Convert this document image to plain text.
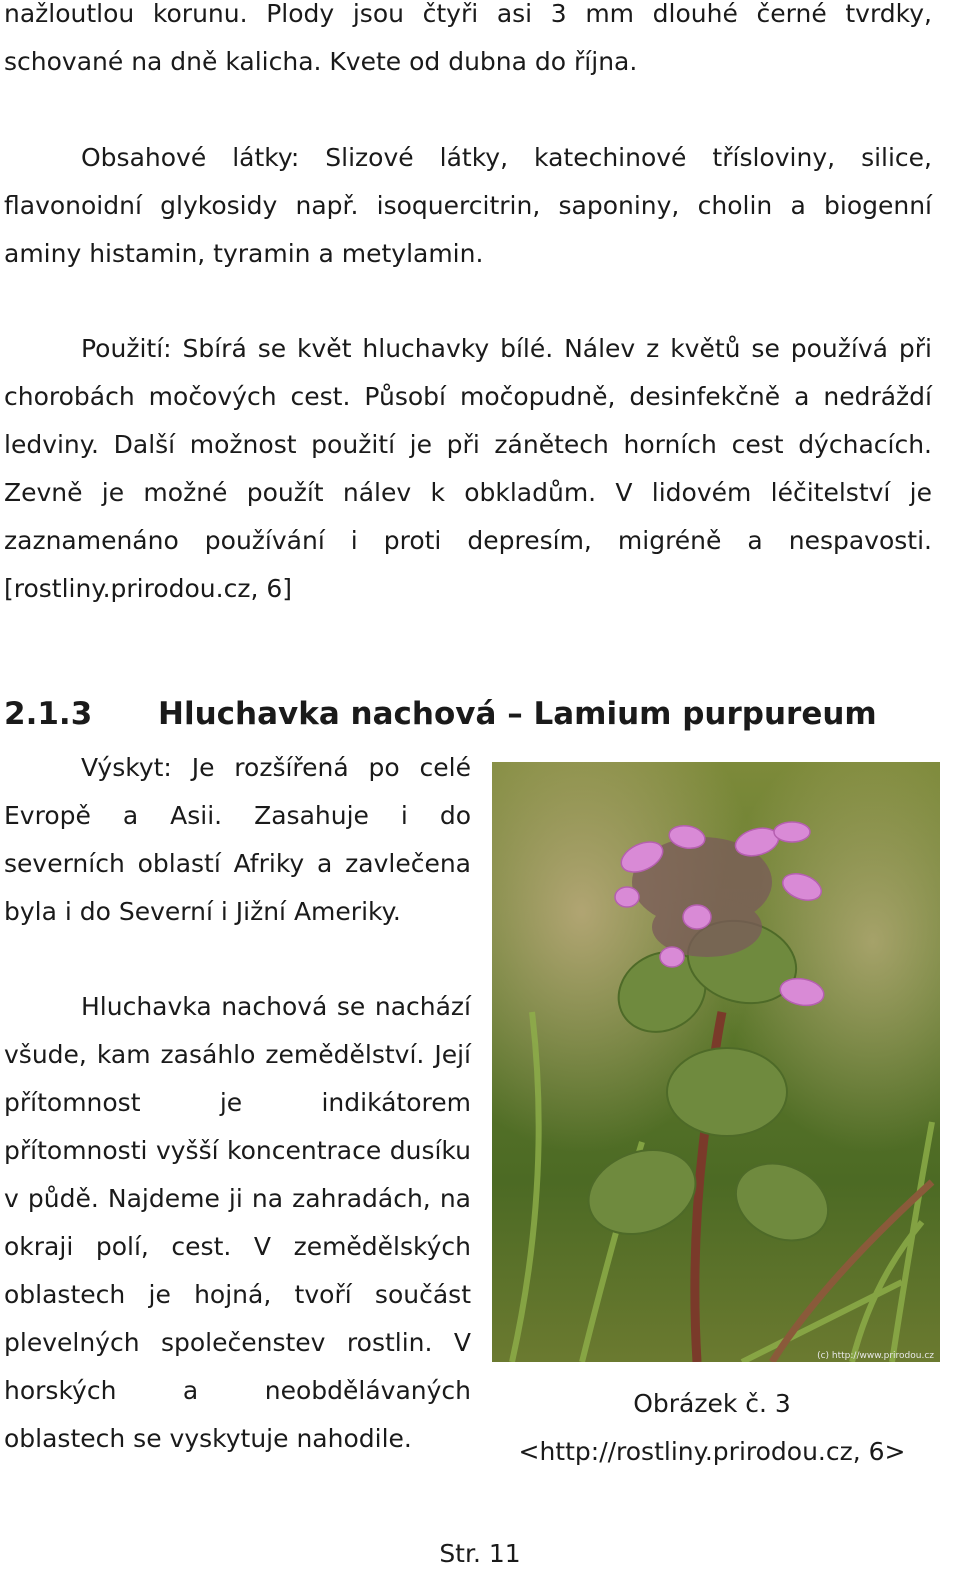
nažloutlou korunu. Plody jsou čtyři asi 3 mm dlouhé černé tvrdky, schované na dně kalicha. Kvete od dubna do října.

Obsahové látky: Slizové látky, katechinové třísloviny, silice, flavonoidní glykosidy např. isoquercitrin, saponiny, cholin a biogenní aminy histamin, tyramin a metylamin.

Použití: Sbírá se květ hluchavky bílé. Nálev z květů se používá při chorobách močových cest. Působí močopudně, desinfekčně a nedráždí ledviny. Další možnost použití je při zánětech horních cest dýchacích. Zevně je možné použít nálev k obkladům. V lidovém léčitelství je zaznamenáno používání i proti depresím, migréně a nespavosti. [rostliny.prirodou.cz, 6]

2.1.3 Hluchavka nachová – Lamium purpureum

Výskyt: Je rozšířená po celé Evropě a Asii. Zasahuje i do severních oblastí Afriky a zavlečena byla i do Severní i Jižní Ameriky.

Hluchavka nachová se nachází všude, kam zasáhlo zemědělství. Její přítomnost je indikátorem přítomnosti vyšší koncentrace dusíku v půdě. Najdeme ji na zahradách, na okraji polí, cest. V zemědělských oblastech je hojná, tvoří součást plevelných společenstev rostlin. V horských a neobdělávaných oblastech se vyskytuje nahodile.

(c) http://www.prirodou.cz

Obrázek č. 3

<http://rostliny.prirodou.cz, 6>

Str. 11
